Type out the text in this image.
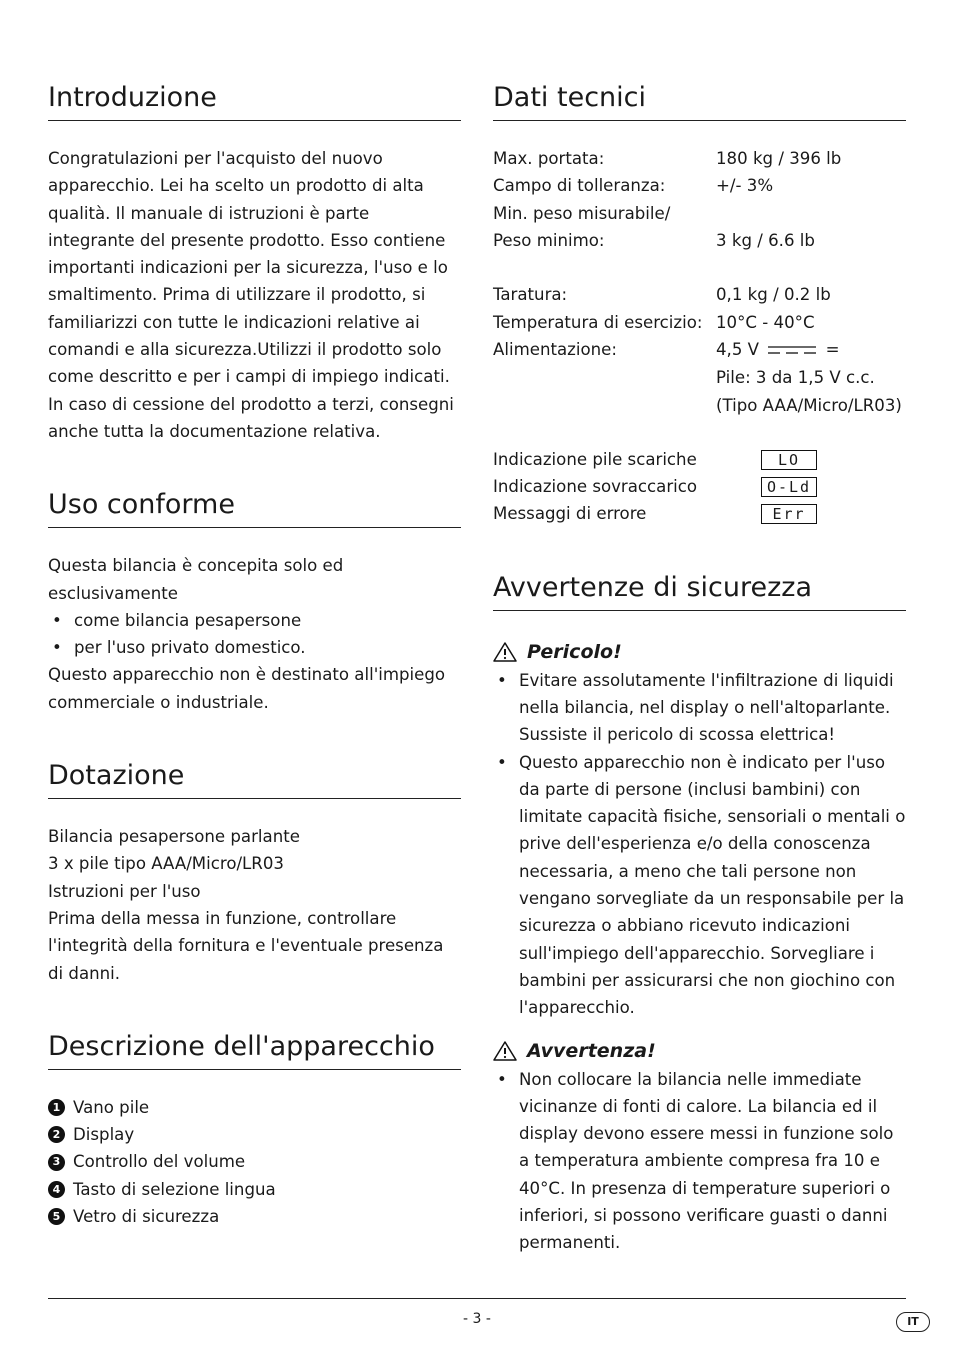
Introduzione

Congratulazioni per l'acquisto del nuovo apparecchio. Lei ha scelto un prodotto di alta qualità. Il manuale di istruzioni è parte integrante del presente prodotto. Esso contiene importanti indicazioni per la sicurezza, l'uso e lo smaltimento. Prima di utilizzare il prodotto, si familiarizzi con tutte le indicazioni relative ai comandi e alla sicurezza.Utilizzi il prodotto solo come descritto e per i campi di impiego indicati. In caso di cessione del prodotto a terzi, consegni anche tutta la documentazione relativa.

Uso conforme

Questa bilancia è concepita solo ed esclusivamente

• come bilancia pesapersone
• per l'uso privato domestico.

Questo apparecchio non è destinato all'impiego commerciale o industriale.

Dotazione

Bilancia pesapersone parlante

3 x pile tipo AAA/Micro/LR03

Istruzioni per l'uso

Prima della messa in funzione, controllare l'integrità della fornitura e l'eventuale presenza di danni.

Descrizione dell'apparecchio
1 Vano pile
2 Display
3 Controllo del volume
4 Tasto di selezione lingua
5 Vetro di sicurezza
Dati tecnici
Max. portata:	180 kg / 396 lb
Campo di tolleranza:	+/- 3%
Min. peso misurabile/	
Peso minimo:	3 kg / 6.6 lb

Taratura:	0,1 kg / 0.2 lb
Temperatura di esercizio:	10°C - 40°C
Alimentazione:	4,5 V =
	Pile: 3 da 1,5 V c.c.
	(Tipo AAA/Micro/LR03)
Indicazione pile scariche	LO
Indicazione sovraccarico	O-Ld
Messaggi di errore	Err
Avvertenze di sicurezza

Pericolo!

• Evitare assolutamente l'infiltrazione di liquidi nella bilancia, nel display o nell'altoparlante. Sussiste il pericolo di scossa elettrica!
• Questo apparecchio non è indicato per l'uso da parte di persone (inclusi bambini) con limitate capacità fisiche, sensoriali o mentali o prive dell'esperienza e/o della conoscenza necessaria, a meno che tali persone non vengano sorvegliate da un responsabile per la sicurezza o abbiano ricevuto indicazioni sull'impiego dell'apparecchio. Sorvegliare i bambini per assicurarsi che non giochino con l'apparecchio.

Avvertenza!

• Non collocare la bilancia nelle immediate vicinanze di fonti di calore. La bilancia ed il display devono essere messi in funzione solo a temperatura ambiente compresa fra 10 e 40°C. In presenza di temperature superiori o inferiori, si possono verificare guasti o danni permanenti.
- 3 -	IT
